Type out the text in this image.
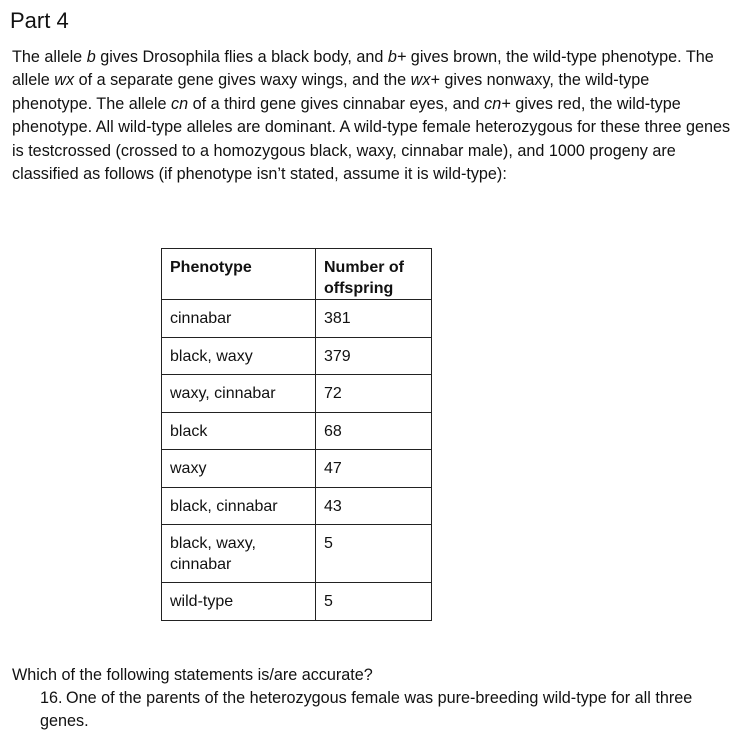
Part 4
The allele b gives Drosophila flies a black body, and b+ gives brown, the wild-type phenotype. The allele wx of a separate gene gives waxy wings, and the wx+ gives nonwaxy, the wild-type phenotype. The allele cn of a third gene gives cinnabar eyes, and cn+ gives red, the wild-type phenotype. All wild-type alleles are dominant. A wild-type female heterozygous for these three genes is testcrossed (crossed to a homozygous black, waxy, cinnabar male), and 1000 progeny are classified as follows (if phenotype isn’t stated, assume it is wild-type):
Phenotype	Number of offspring
cinnabar	381
black, waxy	379
waxy, cinnabar	72
black	68
waxy	47
black, cinnabar	43
black, waxy, cinnabar	5
wild-type	5
Which of the following statements is/are accurate?
16. One of the parents of the heterozygous female was pure-breeding wild-type for all three genes.
